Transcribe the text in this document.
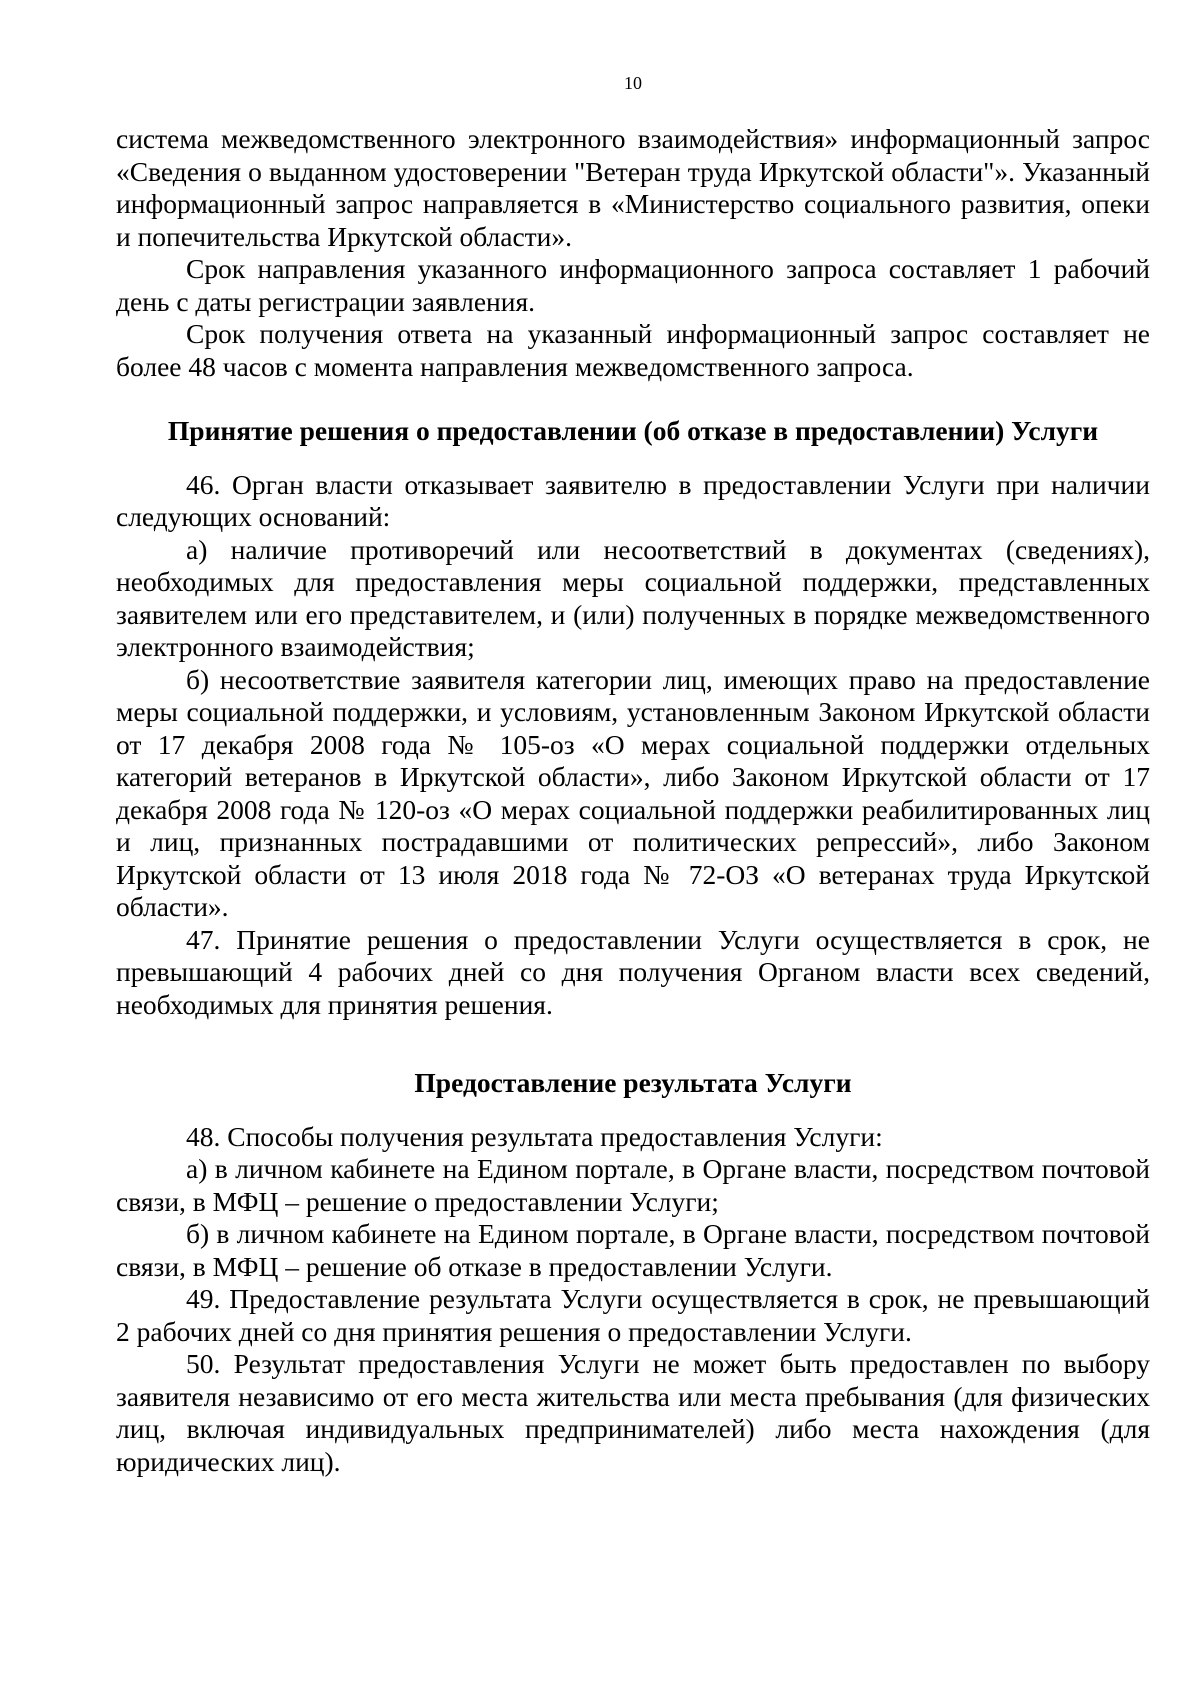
10

система межведомственного электронного взаимодействия» информационный запрос «Сведения о выданном удостоверении "Ветеран труда Иркутской области"». Указанный информационный запрос направляется в «Министерство социального развития, опеки и попечительства Иркутской области».

Срок направления указанного информационного запроса составляет 1 рабочий день с даты регистрации заявления.

Срок получения ответа на указанный информационный запрос составляет не более 48 часов с момента направления межведомственного запроса.

Принятие решения о предоставлении (об отказе в предоставлении) Услуги

46. Орган власти отказывает заявителю в предоставлении Услуги при наличии следующих оснований:

а) наличие противоречий или несоответствий в документах (сведениях), необходимых для предоставления меры социальной поддержки, представленных заявителем или его представителем, и (или) полученных в порядке межведомственного электронного взаимодействия;

б) несоответствие заявителя категории лиц, имеющих право на предоставление меры социальной поддержки, и условиям, установленным Законом Иркутской области от 17 декабря 2008 года № 105-оз «О мерах социальной поддержки отдельных категорий ветеранов в Иркутской области», либо Законом Иркутской области от 17 декабря 2008 года № 120-оз «О мерах социальной поддержки реабилитированных лиц и лиц, признанных пострадавшими от политических репрессий», либо Законом Иркутской области от 13 июля 2018 года № 72-ОЗ «О ветеранах труда Иркутской области».

47. Принятие решения о предоставлении Услуги осуществляется в срок, не превышающий 4 рабочих дней со дня получения Органом власти всех сведений, необходимых для принятия решения.

Предоставление результата Услуги

48. Способы получения результата предоставления Услуги:

а) в личном кабинете на Едином портале, в Органе власти, посредством почтовой связи, в МФЦ – решение о предоставлении Услуги;

б) в личном кабинете на Едином портале, в Органе власти, посредством почтовой связи, в МФЦ – решение об отказе в предоставлении Услуги.

49. Предоставление результата Услуги осуществляется в срок, не превышающий 2 рабочих дней со дня принятия решения о предоставлении Услуги.

50. Результат предоставления Услуги не может быть предоставлен по выбору заявителя независимо от его места жительства или места пребывания (для физических лиц, включая индивидуальных предпринимателей) либо места нахождения (для юридических лиц).
